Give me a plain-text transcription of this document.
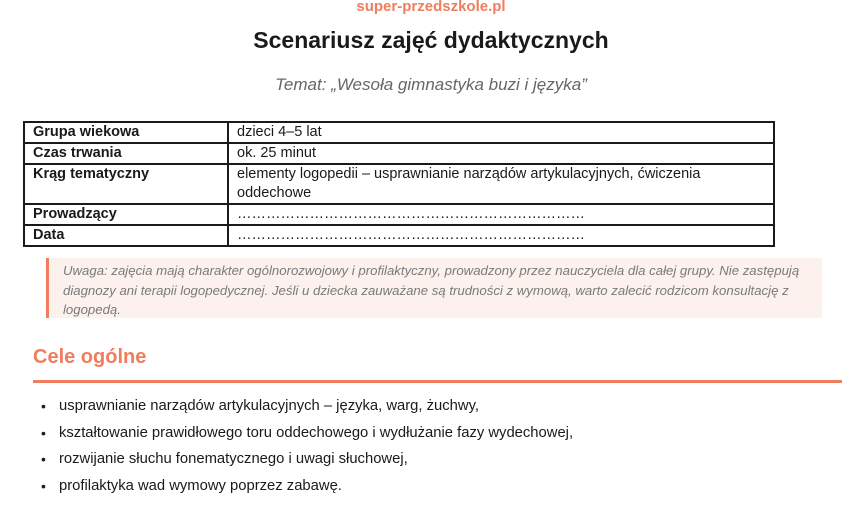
super-przedszkole.pl
Scenariusz zajęć dydaktycznych
Temat: „Wesoła gimnastyka buzi i języka”
Grupa wiekowa	dzieci 4–5 lat
Czas trwania	ok. 25 minut
Krąg tematyczny	elementy logopedii – usprawnianie narządów artykulacyjnych, ćwiczenia oddechowe
Prowadzący	………………………………………………………………
Data	………………………………………………………………
Uwaga: zajęcia mają charakter ogólnorozwojowy i profilaktyczny, prowadzony przez nauczyciela dla całej grupy. Nie zastępują diagnozy ani terapii logopedycznej. Jeśli u dziecka zauważane są trudności z wymową, warto zalecić rodzicom konsultację z logopedą.
Cele ogólne
• usprawnianie narządów artykulacyjnych – języka, warg, żuchwy,
• kształtowanie prawidłowego toru oddechowego i wydłużanie fazy wydechowej,
• rozwijanie słuchu fonematycznego i uwagi słuchowej,
• profilaktyka wad wymowy poprzez zabawę.
